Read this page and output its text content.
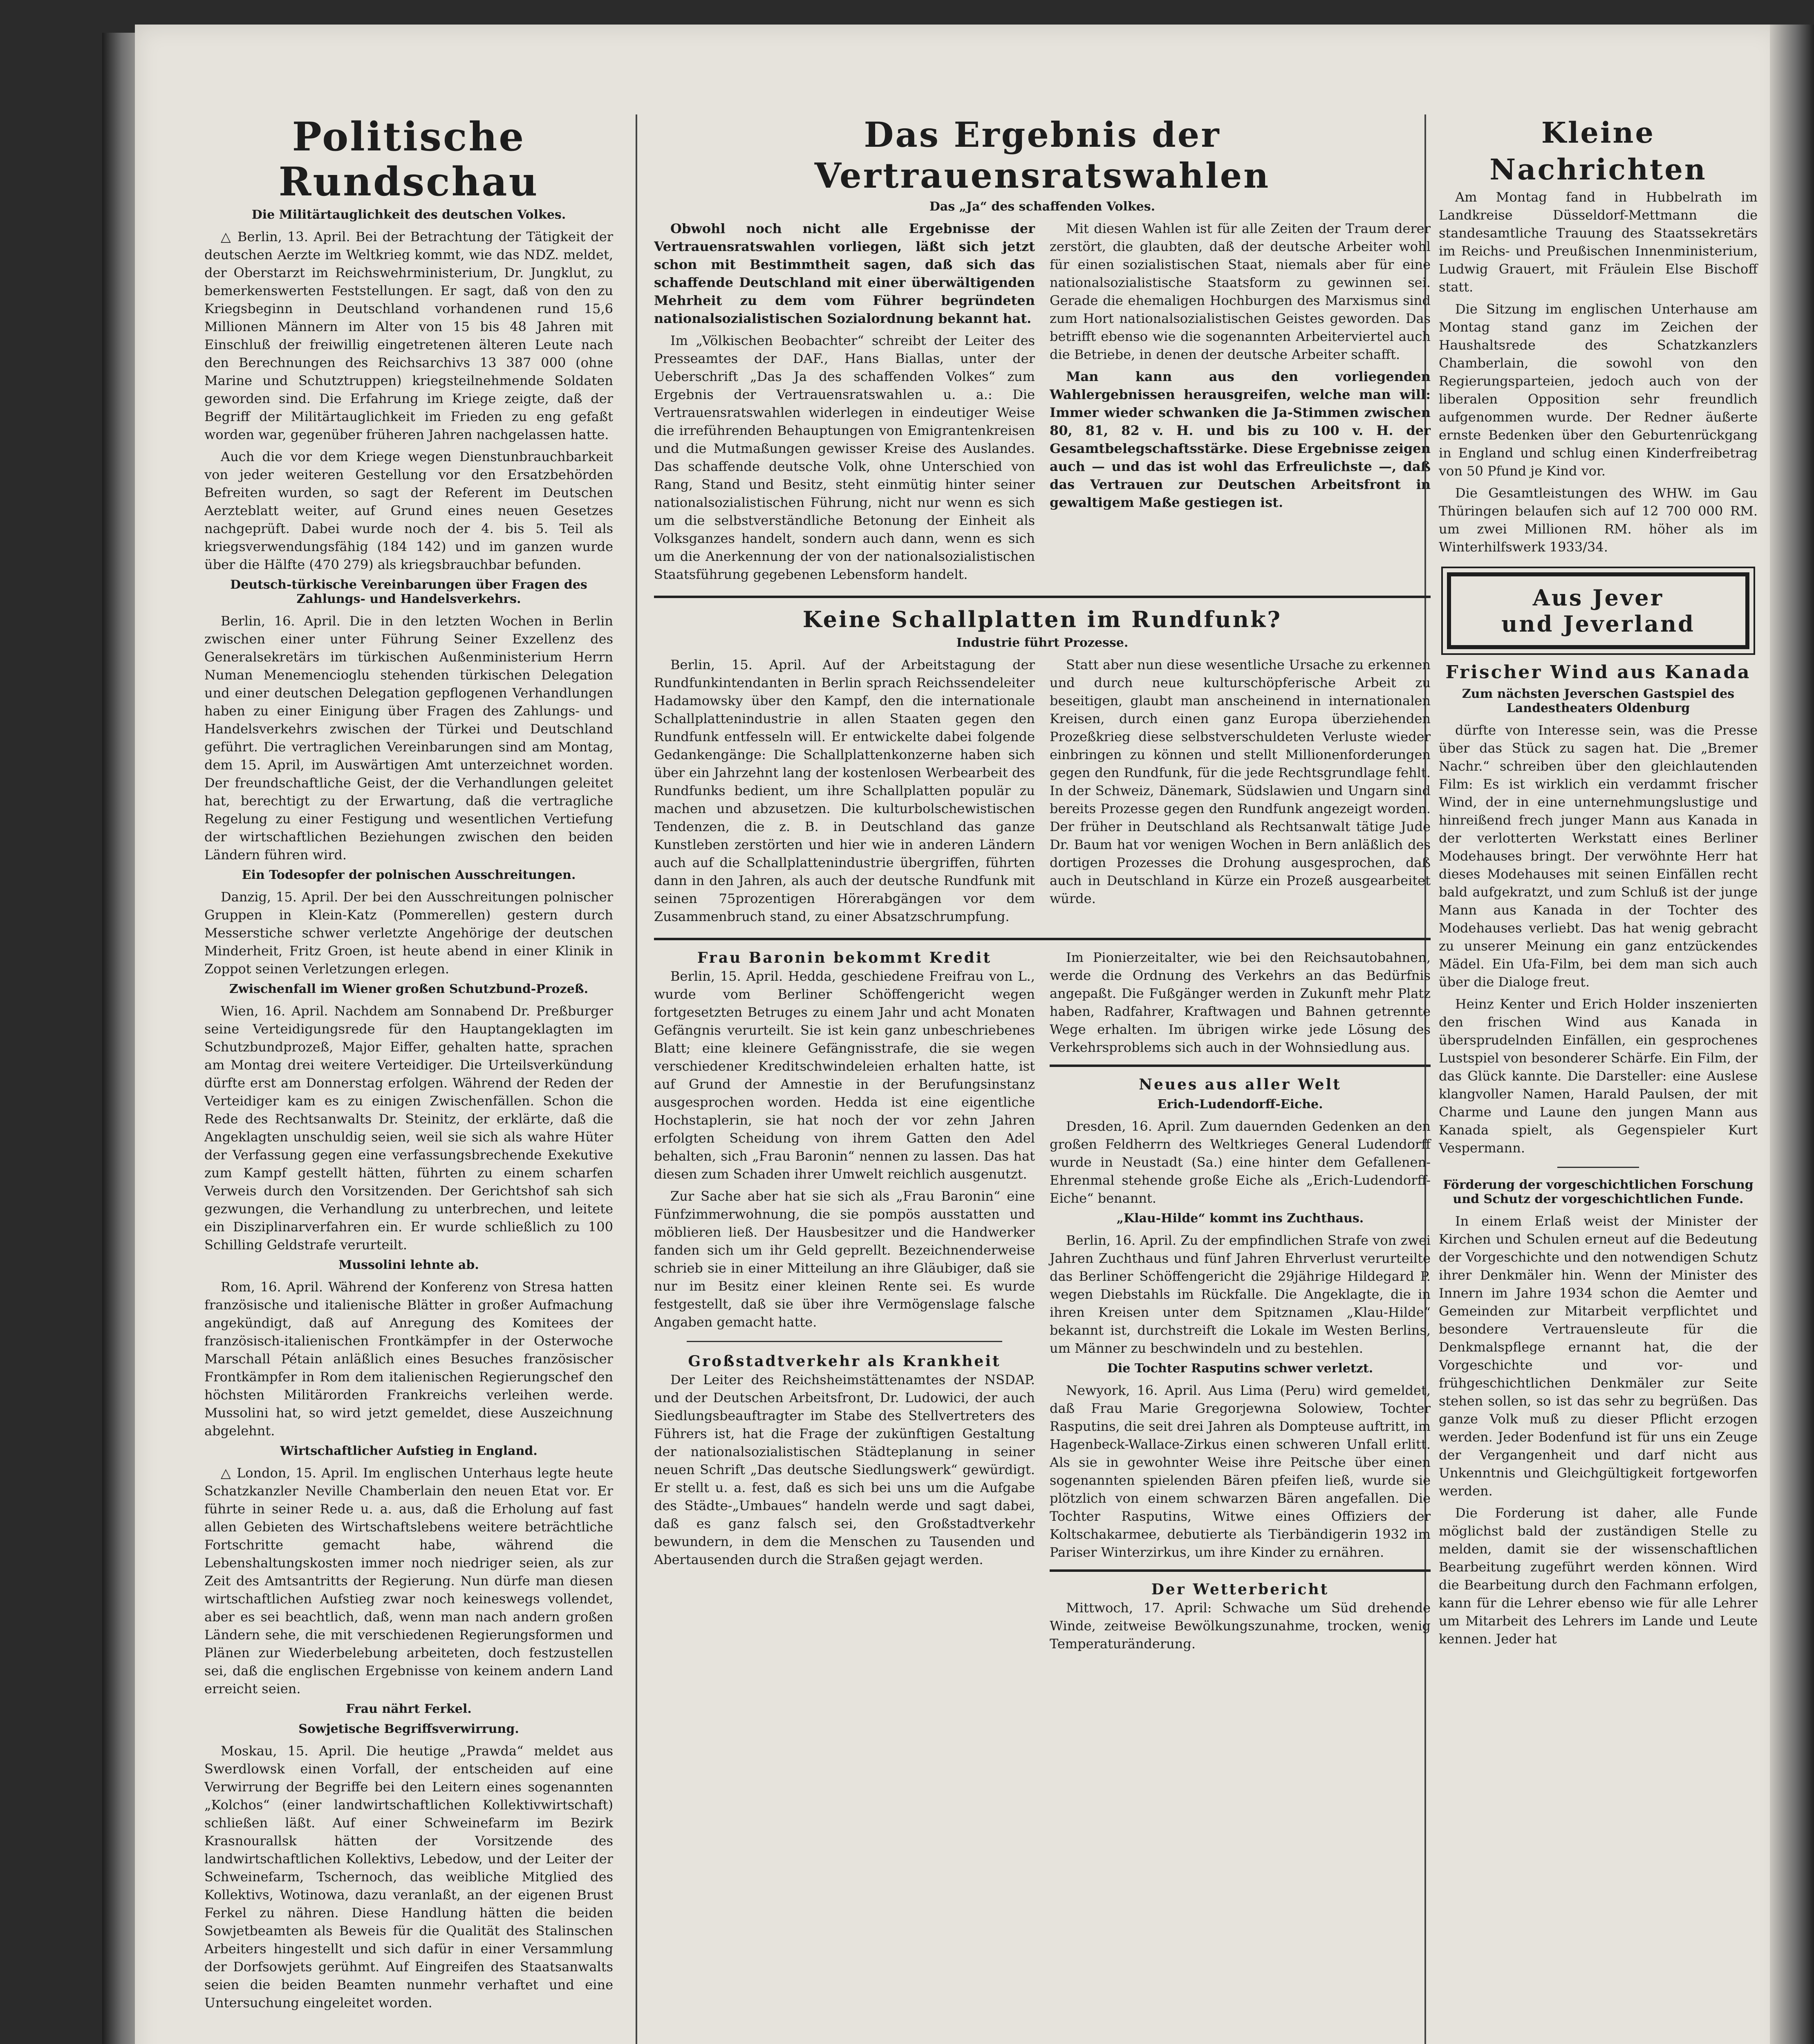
Politische Rundschau
Die Militärtauglichkeit des deutschen Volkes.

△ Berlin, 13. April. Bei der Betrachtung der Tätigkeit der deutschen Aerzte im Weltkrieg kommt, wie das NDZ. meldet, der Oberstarzt im Reichswehrministerium, Dr. Jungklut, zu bemerkenswerten Feststellungen. Er sagt, daß von den zu Kriegsbeginn in Deutschland vorhandenen rund 15,6 Millionen Männern im Alter von 15 bis 48 Jahren mit Einschluß der freiwillig eingetretenen älteren Leute nach den Berechnungen des Reichsarchivs 13 387 000 (ohne Marine und Schutztruppen) kriegsteilnehmende Soldaten geworden sind. Die Erfahrung im Kriege zeigte, daß der Begriff der Militärtauglichkeit im Frieden zu eng gefaßt worden war, gegenüber früheren Jahren nachgelassen hatte.

Auch die vor dem Kriege wegen Dienstunbrauchbarkeit von jeder weiteren Gestellung vor den Ersatzbehörden Befreiten wurden, so sagt der Referent im Deutschen Aerzteblatt weiter, auf Grund eines neuen Gesetzes nachgeprüft. Dabei wurde noch der 4. bis 5. Teil als kriegsverwendungsfähig (184 142) und im ganzen wurde über die Hälfte (470 279) als kriegsbrauchbar befunden.

Deutsch-türkische Vereinbarungen über Fragen des Zahlungs- und Handelsverkehrs.

Berlin, 16. April. Die in den letzten Wochen in Berlin zwischen einer unter Führung Seiner Exzellenz des Generalsekretärs im türkischen Außenministerium Herrn Numan Menemencioglu stehenden türkischen Delegation und einer deutschen Delegation gepflogenen Verhandlungen haben zu einer Einigung über Fragen des Zahlungs- und Handelsverkehrs zwischen der Türkei und Deutschland geführt. Die vertraglichen Vereinbarungen sind am Montag, dem 15. April, im Auswärtigen Amt unterzeichnet worden. Der freundschaftliche Geist, der die Verhandlungen geleitet hat, berechtigt zu der Erwartung, daß die vertragliche Regelung zu einer Festigung und wesentlichen Vertiefung der wirtschaftlichen Beziehungen zwischen den beiden Ländern führen wird.

Ein Todesopfer der polnischen Ausschreitungen.

Danzig, 15. April. Der bei den Ausschreitungen polnischer Gruppen in Klein-Katz (Pommerellen) gestern durch Messerstiche schwer verletzte Angehörige der deutschen Minderheit, Fritz Groen, ist heute abend in einer Klinik in Zoppot seinen Verletzungen erlegen.

Zwischenfall im Wiener großen Schutzbund-Prozeß.

Wien, 16. April. Nachdem am Sonnabend Dr. Preßburger seine Verteidigungsrede für den Hauptangeklagten im Schutzbundprozeß, Major Eiffer, gehalten hatte, sprachen am Montag drei weitere Verteidiger. Die Urteilsverkündung dürfte erst am Donnerstag erfolgen. Während der Reden der Verteidiger kam es zu einigen Zwischenfällen. Schon die Rede des Rechtsanwalts Dr. Steinitz, der erklärte, daß die Angeklagten unschuldig seien, weil sie sich als wahre Hüter der Verfassung gegen eine verfassungsbrechende Exekutive zum Kampf gestellt hätten, führten zu einem scharfen Verweis durch den Vorsitzenden. Der Gerichtshof sah sich gezwungen, die Verhandlung zu unterbrechen, und leitete ein Disziplinarverfahren ein. Er wurde schließlich zu 100 Schilling Geldstrafe verurteilt.

Mussolini lehnte ab.

Rom, 16. April. Während der Konferenz von Stresa hatten französische und italienische Blätter in großer Aufmachung angekündigt, daß auf Anregung des Komitees der französisch-italienischen Frontkämpfer in der Osterwoche Marschall Pétain anläßlich eines Besuches französischer Frontkämpfer in Rom dem italienischen Regierungschef den höchsten Militärorden Frankreichs verleihen werde. Mussolini hat, so wird jetzt gemeldet, diese Auszeichnung abgelehnt.

Wirtschaftlicher Aufstieg in England.

△ London, 15. April. Im englischen Unterhaus legte heute Schatzkanzler Neville Chamberlain den neuen Etat vor. Er führte in seiner Rede u. a. aus, daß die Erholung auf fast allen Gebieten des Wirtschaftslebens weitere beträchtliche Fortschritte gemacht habe, während die Lebenshaltungskosten immer noch niedriger seien, als zur Zeit des Amtsantritts der Regierung. Nun dürfe man diesen wirtschaftlichen Aufstieg zwar noch keineswegs vollendet, aber es sei beachtlich, daß, wenn man nach andern großen Ländern sehe, die mit verschiedenen Regierungsformen und Plänen zur Wiederbelebung arbeiteten, doch festzustellen sei, daß die englischen Ergebnisse von keinem andern Land erreicht seien.

Frau nährt Ferkel.
Sowjetische Begriffsverwirrung.

Moskau, 15. April. Die heutige „Prawda“ meldet aus Swerdlowsk einen Vorfall, der entscheiden auf eine Verwirrung der Begriffe bei den Leitern eines sogenannten „Kolchos“ (einer landwirtschaftlichen Kollektivwirtschaft) schließen läßt. Auf einer Schweinefarm im Bezirk Krasnourallsk hätten der Vorsitzende des landwirtschaftlichen Kollektivs, Lebedow, und der Leiter der Schweinefarm, Tschernoch, das weibliche Mitglied des Kollektivs, Wotinowa, dazu veranlaßt, an der eigenen Brust Ferkel zu nähren. Diese Handlung hätten die beiden Sowjetbeamten als Beweis für die Qualität des Stalinschen Arbeiters hingestellt und sich dafür in einer Versammlung der Dorfsowjets gerühmt. Auf Eingreifen des Staatsanwalts seien die beiden Beamten nunmehr verhaftet und eine Untersuchung eingeleitet worden.

Das Ergebnis der Vertrauensratswahlen
Das „Ja“ des schaffenden Volkes.

Obwohl noch nicht alle Ergebnisse der Vertrauensratswahlen vorliegen, läßt sich jetzt schon mit Bestimmtheit sagen, daß sich das schaffende Deutschland mit einer überwältigenden Mehrheit zu dem vom Führer begründeten nationalsozialistischen Sozialordnung bekannt hat.

Im „Völkischen Beobachter“ schreibt der Leiter des Presseamtes der DAF., Hans Biallas, unter der Ueberschrift „Das Ja des schaffenden Volkes“ zum Ergebnis der Vertrauensratswahlen u. a.: Die Vertrauensratswahlen widerlegen in eindeutiger Weise die irreführenden Behauptungen von Emigrantenkreisen und die Mutmaßungen gewisser Kreise des Auslandes. Das schaffende deutsche Volk, ohne Unterschied von Rang, Stand und Besitz, steht einmütig hinter seiner nationalsozialistischen Führung, nicht nur wenn es sich um die selbstverständliche Betonung der Einheit als Volksganzes handelt, sondern auch dann, wenn es sich um die Anerkennung der von der nationalsozialistischen Staatsführung gegebenen Lebensform handelt.

Mit diesen Wahlen ist für alle Zeiten der Traum derer zerstört, die glaubten, daß der deutsche Arbeiter wohl für einen sozialistischen Staat, niemals aber für eine nationalsozialistische Staatsform zu gewinnen sei. Gerade die ehemaligen Hochburgen des Marxismus sind zum Hort nationalsozialistischen Geistes geworden. Das betrifft ebenso wie die sogenannten Arbeiterviertel auch die Betriebe, in denen der deutsche Arbeiter schafft.

Man kann aus den vorliegenden Wahlergebnissen herausgreifen, welche man will: Immer wieder schwanken die Ja-Stimmen zwischen 80, 81, 82 v. H. und bis zu 100 v. H. der Gesamtbelegschaftsstärke. Diese Ergebnisse zeigen auch — und das ist wohl das Erfreulichste —, daß das Vertrauen zur Deutschen Arbeitsfront in gewaltigem Maße gestiegen ist.

Keine Schallplatten im Rundfunk?
Industrie führt Prozesse.

Berlin, 15. April. Auf der Arbeitstagung der Rundfunkintendanten in Berlin sprach Reichssendeleiter Hadamowsky über den Kampf, den die internationale Schallplattenindustrie in allen Staaten gegen den Rundfunk entfesseln will. Er entwickelte dabei folgende Gedankengänge: Die Schallplattenkonzerne haben sich über ein Jahrzehnt lang der kostenlosen Werbearbeit des Rundfunks bedient, um ihre Schallplatten populär zu machen und abzusetzen. Die kulturbolschewistischen Tendenzen, die z. B. in Deutschland das ganze Kunstleben zerstörten und hier wie in anderen Ländern auch auf die Schallplattenindustrie übergriffen, führten dann in den Jahren, als auch der deutsche Rundfunk mit seinen 75prozentigen Hörerabgängen vor dem Zusammenbruch stand, zu einer Absatzschrumpfung.

Statt aber nun diese wesentliche Ursache zu erkennen und durch neue kulturschöpferische Arbeit zu beseitigen, glaubt man anscheinend in internationalen Kreisen, durch einen ganz Europa überziehenden Prozeßkrieg diese selbstverschuldeten Verluste wieder einbringen zu können und stellt Millionenforderungen gegen den Rundfunk, für die jede Rechtsgrundlage fehlt. In der Schweiz, Dänemark, Südslawien und Ungarn sind bereits Prozesse gegen den Rundfunk angezeigt worden. Der früher in Deutschland als Rechtsanwalt tätige Jude Dr. Baum hat vor wenigen Wochen in Bern anläßlich des dortigen Prozesses die Drohung ausgesprochen, daß auch in Deutschland in Kürze ein Prozeß ausgearbeitet würde.

Frau Baronin bekommt Kredit

Berlin, 15. April. Hedda, geschiedene Freifrau von L., wurde vom Berliner Schöffengericht wegen fortgesetzten Betruges zu einem Jahr und acht Monaten Gefängnis verurteilt. Sie ist kein ganz unbeschriebenes Blatt; eine kleinere Gefängnisstrafe, die sie wegen verschiedener Kreditschwindeleien erhalten hatte, ist auf Grund der Amnestie in der Berufungsinstanz ausgesprochen worden. Hedda ist eine eigentliche Hochstaplerin, sie hat noch der vor zehn Jahren erfolgten Scheidung von ihrem Gatten den Adel behalten, sich „Frau Baronin“ nennen zu lassen. Das hat diesen zum Schaden ihrer Umwelt reichlich ausgenutzt.

Zur Sache aber hat sie sich als „Frau Baronin“ eine Fünfzimmerwohnung, die sie pompös ausstatten und möblieren ließ. Der Hausbesitzer und die Handwerker fanden sich um ihr Geld geprellt. Bezeichnenderweise schrieb sie in einer Mitteilung an ihre Gläubiger, daß sie nur im Besitz einer kleinen Rente sei. Es wurde festgestellt, daß sie über ihre Vermögenslage falsche Angaben gemacht hatte.

Großstadtverkehr als Krankheit

Der Leiter des Reichsheimstättenamtes der NSDAP. und der Deutschen Arbeitsfront, Dr. Ludowici, der auch Siedlungsbeauftragter im Stabe des Stellvertreters des Führers ist, hat die Frage der zukünftigen Gestaltung der nationalsozialistischen Städteplanung in seiner neuen Schrift „Das deutsche Siedlungswerk“ gewürdigt. Er stellt u. a. fest, daß es sich bei uns um die Aufgabe des Städte-„Umbaues“ handeln werde und sagt dabei, daß es ganz falsch sei, den Großstadtverkehr bewundern, in dem die Menschen zu Tausenden und Abertausenden durch die Straßen gejagt werden.

Im Pionierzeitalter, wie bei den Reichsautobahnen, werde die Ordnung des Verkehrs an das Bedürfnis angepaßt. Die Fußgänger werden in Zukunft mehr Platz haben, Radfahrer, Kraftwagen und Bahnen getrennte Wege erhalten. Im übrigen wirke jede Lösung des Verkehrsproblems sich auch in der Wohnsiedlung aus.

Neues aus aller Welt
Erich-Ludendorff-Eiche.

Dresden, 16. April. Zum dauernden Gedenken an den großen Feldherrn des Weltkrieges General Ludendorff wurde in Neustadt (Sa.) eine hinter dem Gefallenen-Ehrenmal stehende große Eiche als „Erich-Ludendorff-Eiche“ benannt.

„Klau-Hilde“ kommt ins Zuchthaus.

Berlin, 16. April. Zu der empfindlichen Strafe von zwei Jahren Zuchthaus und fünf Jahren Ehrverlust verurteilte das Berliner Schöffengericht die 29jährige Hildegard P. wegen Diebstahls im Rückfalle. Die Angeklagte, die in ihren Kreisen unter dem Spitznamen „Klau-Hilde“ bekannt ist, durchstreift die Lokale im Westen Berlins, um Männer zu beschwindeln und zu bestehlen.

Die Tochter Rasputins schwer verletzt.

Newyork, 16. April. Aus Lima (Peru) wird gemeldet, daß Frau Marie Gregorjewna Solowiew, Tochter Rasputins, die seit drei Jahren als Dompteuse auftritt, im Hagenbeck-Wallace-Zirkus einen schweren Unfall erlitt. Als sie in gewohnter Weise ihre Peitsche über einen sogenannten spielenden Bären pfeifen ließ, wurde sie plötzlich von einem schwarzen Bären angefallen. Die Tochter Rasputins, Witwe eines Offiziers der Koltschakarmee, debutierte als Tierbändigerin 1932 im Pariser Winterzirkus, um ihre Kinder zu ernähren.

Der Wetterbericht

Mittwoch, 17. April: Schwache um Süd drehende Winde, zeitweise Bewölkungszunahme, trocken, wenig Temperaturänderung.

Kleine Nachrichten

Am Montag fand in Hubbelrath im Landkreise Düsseldorf-Mettmann die standesamtliche Trauung des Staatssekretärs im Reichs- und Preußischen Innenministerium, Ludwig Grauert, mit Fräulein Else Bischoff statt.

Die Sitzung im englischen Unterhause am Montag stand ganz im Zeichen der Haushaltsrede des Schatzkanzlers Chamberlain, die sowohl von den Regierungsparteien, jedoch auch von der liberalen Opposition sehr freundlich aufgenommen wurde. Der Redner äußerte ernste Bedenken über den Geburtenrückgang in England und schlug einen Kinderfreibetrag von 50 Pfund je Kind vor.

Die Gesamtleistungen des WHW. im Gau Thüringen belaufen sich auf 12 700 000 RM. um zwei Millionen RM. höher als im Winterhilfswerk 1933/34.

Aus Jever
und Jeverland
Frischer Wind aus Kanada
Zum nächsten Jeverschen Gastspiel des Landestheaters Oldenburg

dürfte von Interesse sein, was die Presse über das Stück zu sagen hat. Die „Bremer Nachr.“ schreiben über den gleichlautenden Film: Es ist wirklich ein verdammt frischer Wind, der in eine unternehmungslustige und hinreißend frech junger Mann aus Kanada in der verlotterten Werkstatt eines Berliner Modehauses bringt. Der verwöhnte Herr hat dieses Modehauses mit seinen Einfällen recht bald aufgekratzt, und zum Schluß ist der junge Mann aus Kanada in der Tochter des Modehauses verliebt. Das hat wenig gebracht zu unserer Meinung ein ganz entzückendes Mädel. Ein Ufa-Film, bei dem man sich auch über die Dialoge freut.

Heinz Kenter und Erich Holder inszenierten den frischen Wind aus Kanada in übersprudelnden Einfällen, ein gesprochenes Lustspiel von besonderer Schärfe. Ein Film, der das Glück kannte. Die Darsteller: eine Auslese klangvoller Namen, Harald Paulsen, der mit Charme und Laune den jungen Mann aus Kanada spielt, als Gegenspieler Kurt Vespermann.

Förderung der vorgeschichtlichen Forschung und Schutz der vorgeschichtlichen Funde.

In einem Erlaß weist der Minister der Kirchen und Schulen erneut auf die Bedeutung der Vorgeschichte und den notwendigen Schutz ihrer Denkmäler hin. Wenn der Minister des Innern im Jahre 1934 schon die Aemter und Gemeinden zur Mitarbeit verpflichtet und besondere Vertrauensleute für die Denkmalspflege ernannt hat, die der Vorgeschichte und vor- und frühgeschichtlichen Denkmäler zur Seite stehen sollen, so ist das sehr zu begrüßen. Das ganze Volk muß zu dieser Pflicht erzogen werden. Jeder Bodenfund ist für uns ein Zeuge der Vergangenheit und darf nicht aus Unkenntnis und Gleichgültigkeit fortgeworfen werden.

Die Forderung ist daher, alle Funde möglichst bald der zuständigen Stelle zu melden, damit sie der wissenschaftlichen Bearbeitung zugeführt werden können. Wird die Bearbeitung durch den Fachmann erfolgen, kann für die Lehrer ebenso wie für alle Lehrer um Mitarbeit des Lehrers im Lande und Leute kennen. Jeder hat
